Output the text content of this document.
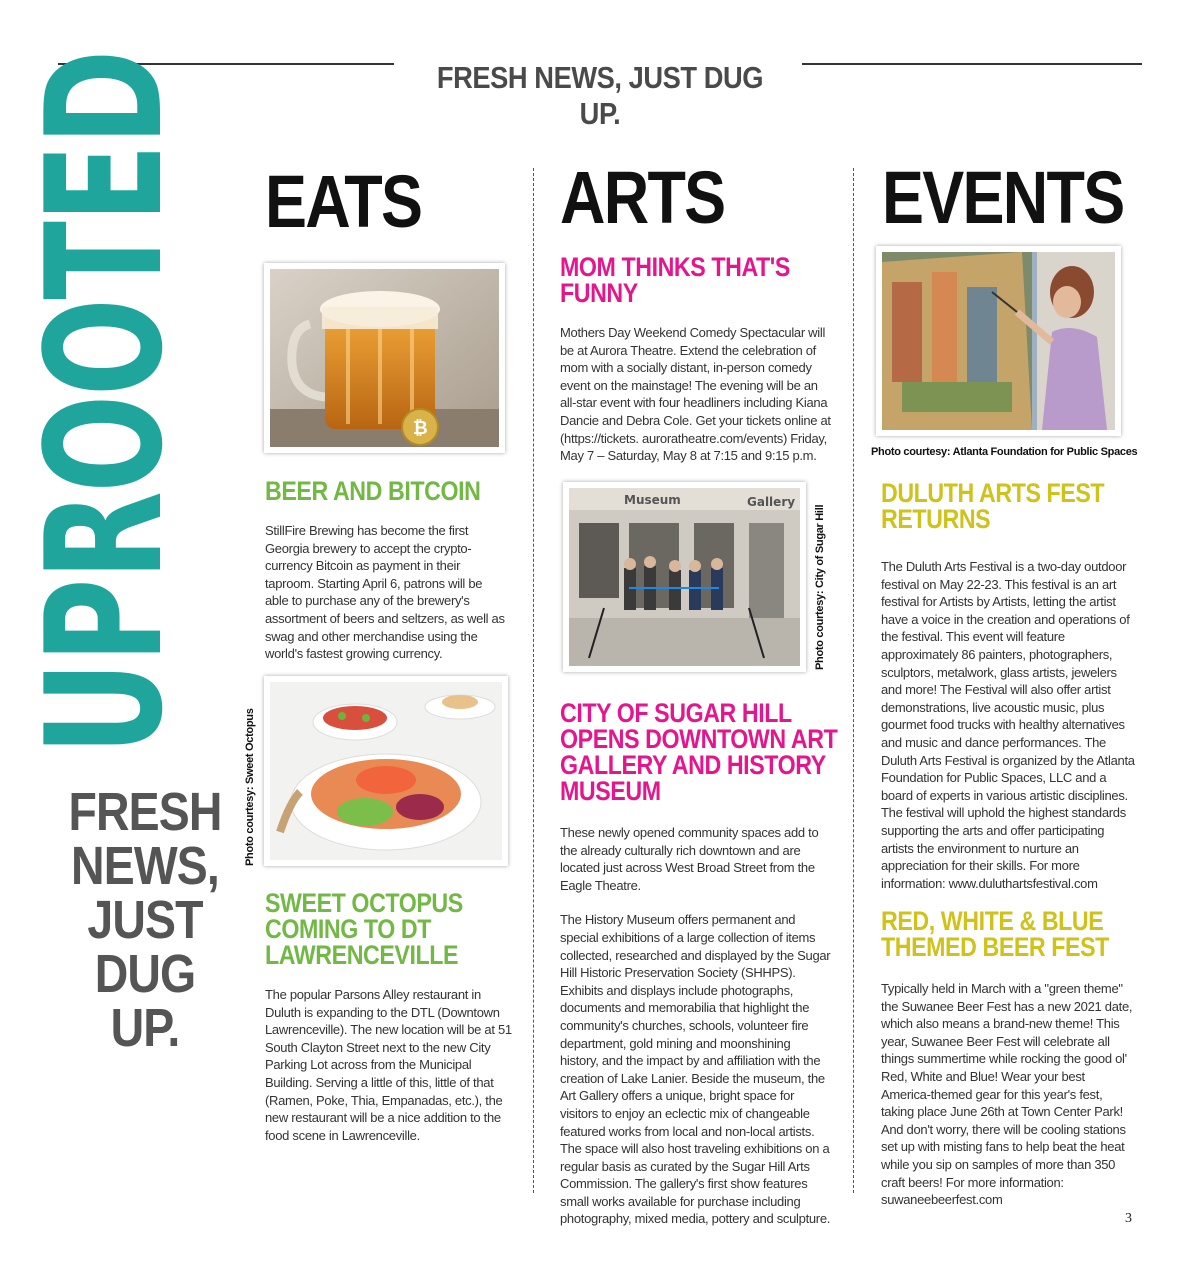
FRESH NEWS, JUST DUG UP.
UPROOTED
FRESH
NEWS,
JUST
DUG UP.
EATS
₿
BEER AND BITCOIN

StillFire Brewing has become the first Georgia brewery to accept the crypto-currency Bitcoin as payment in their taproom. Starting April 6, patrons will be able to purchase any of the brewery's assortment of beers and seltzers, as well as swag and other merchandise using the world's fastest growing currency.

Photo courtesy: Sweet Octopus
SWEET OCTOPUS
COMING TO DT
LAWRENCEVILLE

The popular Parsons Alley restaurant in Duluth is expanding to the DTL (Downtown Lawrenceville). The new location will be at 51 South Clayton Street next to the new City Parking Lot across from the Municipal Building. Serving a little of this, little of that (Ramen, Poke, Thia, Empanadas, etc.), the new restaurant will be a nice addition to the food scene in Lawrenceville.

ARTS
MOM THINKS THAT'S
FUNNY

Mothers Day Weekend Comedy Spectacular will be at Aurora Theatre. Extend the celebration of mom with a socially distant, in-person comedy event on the mainstage! The evening will be an all-star event with four headliners including Kiana Dancie and Debra Cole. Get your tickets online at (https://tickets. auroratheatre.com/events) Friday, May 7 – Saturday, May 8 at 7:15 and 9:15 p.m.

Museum	Gallery
Photo courtesy: City of Sugar Hill
CITY OF SUGAR HILL
OPENS DOWNTOWN ART
GALLERY AND HISTORY
MUSEUM

These newly opened community spaces add to the already culturally rich downtown and are located just across West Broad Street from the Eagle Theatre.

The History Museum offers permanent and special exhibitions of a large collection of items collected, researched and displayed by the Sugar Hill Historic Preservation Society (SHHPS). Exhibits and displays include photographs, documents and memorabilia that highlight the community's churches, schools, volunteer fire department, gold mining and moonshining history, and the impact by and affiliation with the creation of Lake Lanier. Beside the museum, the Art Gallery offers a unique, bright space for visitors to enjoy an eclectic mix of changeable featured works from local and non-local artists. The space will also host traveling exhibitions on a regular basis as curated by the Sugar Hill Arts Commission. The gallery's first show features small works available for purchase including photography, mixed media, pottery and sculpture.

EVENTS
Photo courtesy: Atlanta Foundation for Public Spaces
DULUTH ARTS FEST
RETURNS

The Duluth Arts Festival is a two-day outdoor festival on May 22-23. This festival is an art festival for Artists by Artists, letting the artist have a voice in the creation and operations of the festival. This event will feature approximately 86 painters, photographers, sculptors, metalwork, glass artists, jewelers and more! The Festival will also offer artist demonstrations, live acoustic music, plus gourmet food trucks with healthy alternatives and music and dance performances. The Duluth Arts Festival is organized by the Atlanta Foundation for Public Spaces, LLC and a board of experts in various artistic disciplines. The festival will uphold the highest standards supporting the arts and offer participating artists the environment to nurture an appreciation for their skills. For more information: www.duluthartsfestival.com

RED, WHITE & BLUE
THEMED BEER FEST

Typically held in March with a "green theme" the Suwanee Beer Fest has a new 2021 date, which also means a brand-new theme! This year, Suwanee Beer Fest will celebrate all things summertime while rocking the good ol' Red, White and Blue! Wear your best America-themed gear for this year's fest, taking place June 26th at Town Center Park! And don't worry, there will be cooling stations set up with misting fans to help beat the heat while you sip on samples of more than 350 craft beers! For more information: suwaneebeerfest.com

3
